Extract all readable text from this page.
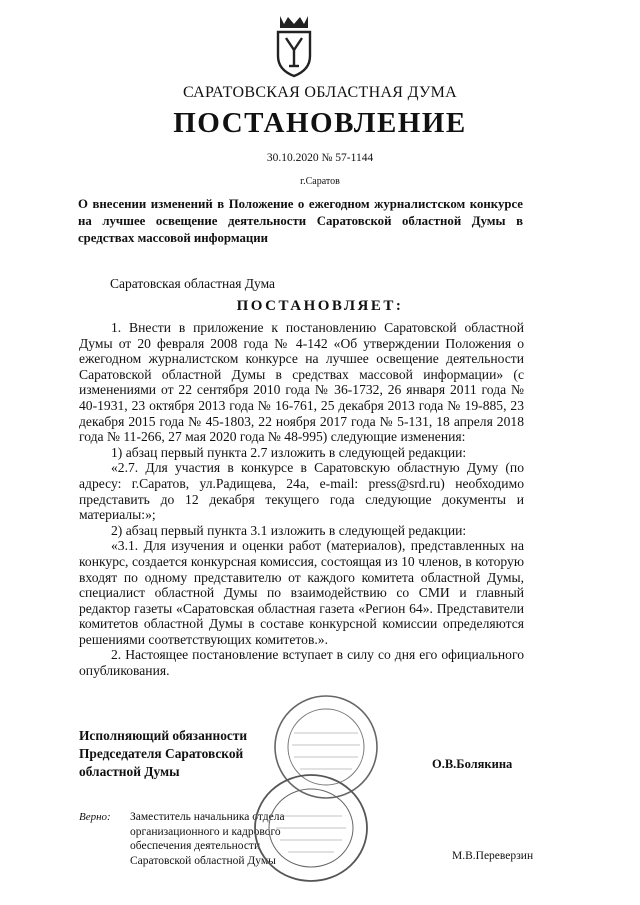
САРАТОВСКАЯ ОБЛАСТНАЯ ДУМА
ПОСТАНОВЛЕНИЕ
30.10.2020 № 57-1144
г.Саратов
О внесении изменений в Положение о ежегодном журналистском конкурсе на лучшее освещение деятельности Саратовской областной Думы в средствах массовой информации
Саратовская областная Дума
ПОСТАНОВЛЯЕТ:

1. Внести в приложение к постановлению Саратовской областной Думы от 20 февраля 2008 года № 4-142 «Об утверждении Положения о ежегодном журналистском конкурсе на лучшее освещение деятельности Саратовской областной Думы в средствах массовой информации» (с изменениями от 22 сентября 2010 года № 36-1732, 26 января 2011 года № 40-1931, 23 октября 2013 года № 16-761, 25 декабря 2013 года № 19-885, 23 декабря 2015 года № 45-1803, 22 ноября 2017 года № 5-131, 18 апреля 2018 года № 11-266, 27 мая 2020 года № 48-995) следующие изменения:

1) абзац первый пункта 2.7 изложить в следующей редакции:

«2.7. Для участия в конкурсе в Саратовскую областную Думу (по адресу: г.Саратов, ул.Радищева, 24а, e-mail: press@srd.ru) необходимо представить до 12 декабря текущего года следующие документы и материалы:»;

2) абзац первый пункта 3.1 изложить в следующей редакции:

«3.1. Для изучения и оценки работ (материалов), представленных на конкурс, создается конкурсная комиссия, состоящая из 10 членов, в которую входят по одному представителю от каждого комитета областной Думы, специалист областной Думы по взаимодействию со СМИ и главный редактор газеты «Саратовская областная газета «Регион 64». Представители комитетов областной Думы в составе конкурсной комиссии определяются решениями соответствующих комитетов.».

2. Настоящее постановление вступает в силу со дня его официального опубликования.

Исполняющий обязанности
Председателя Саратовской
областной Думы	О.В.Болякина
Верно: Заместитель начальника отдела
организационного и кадрового
обеспечения деятельности
Саратовской областной Думы	М.В.Переверзин
